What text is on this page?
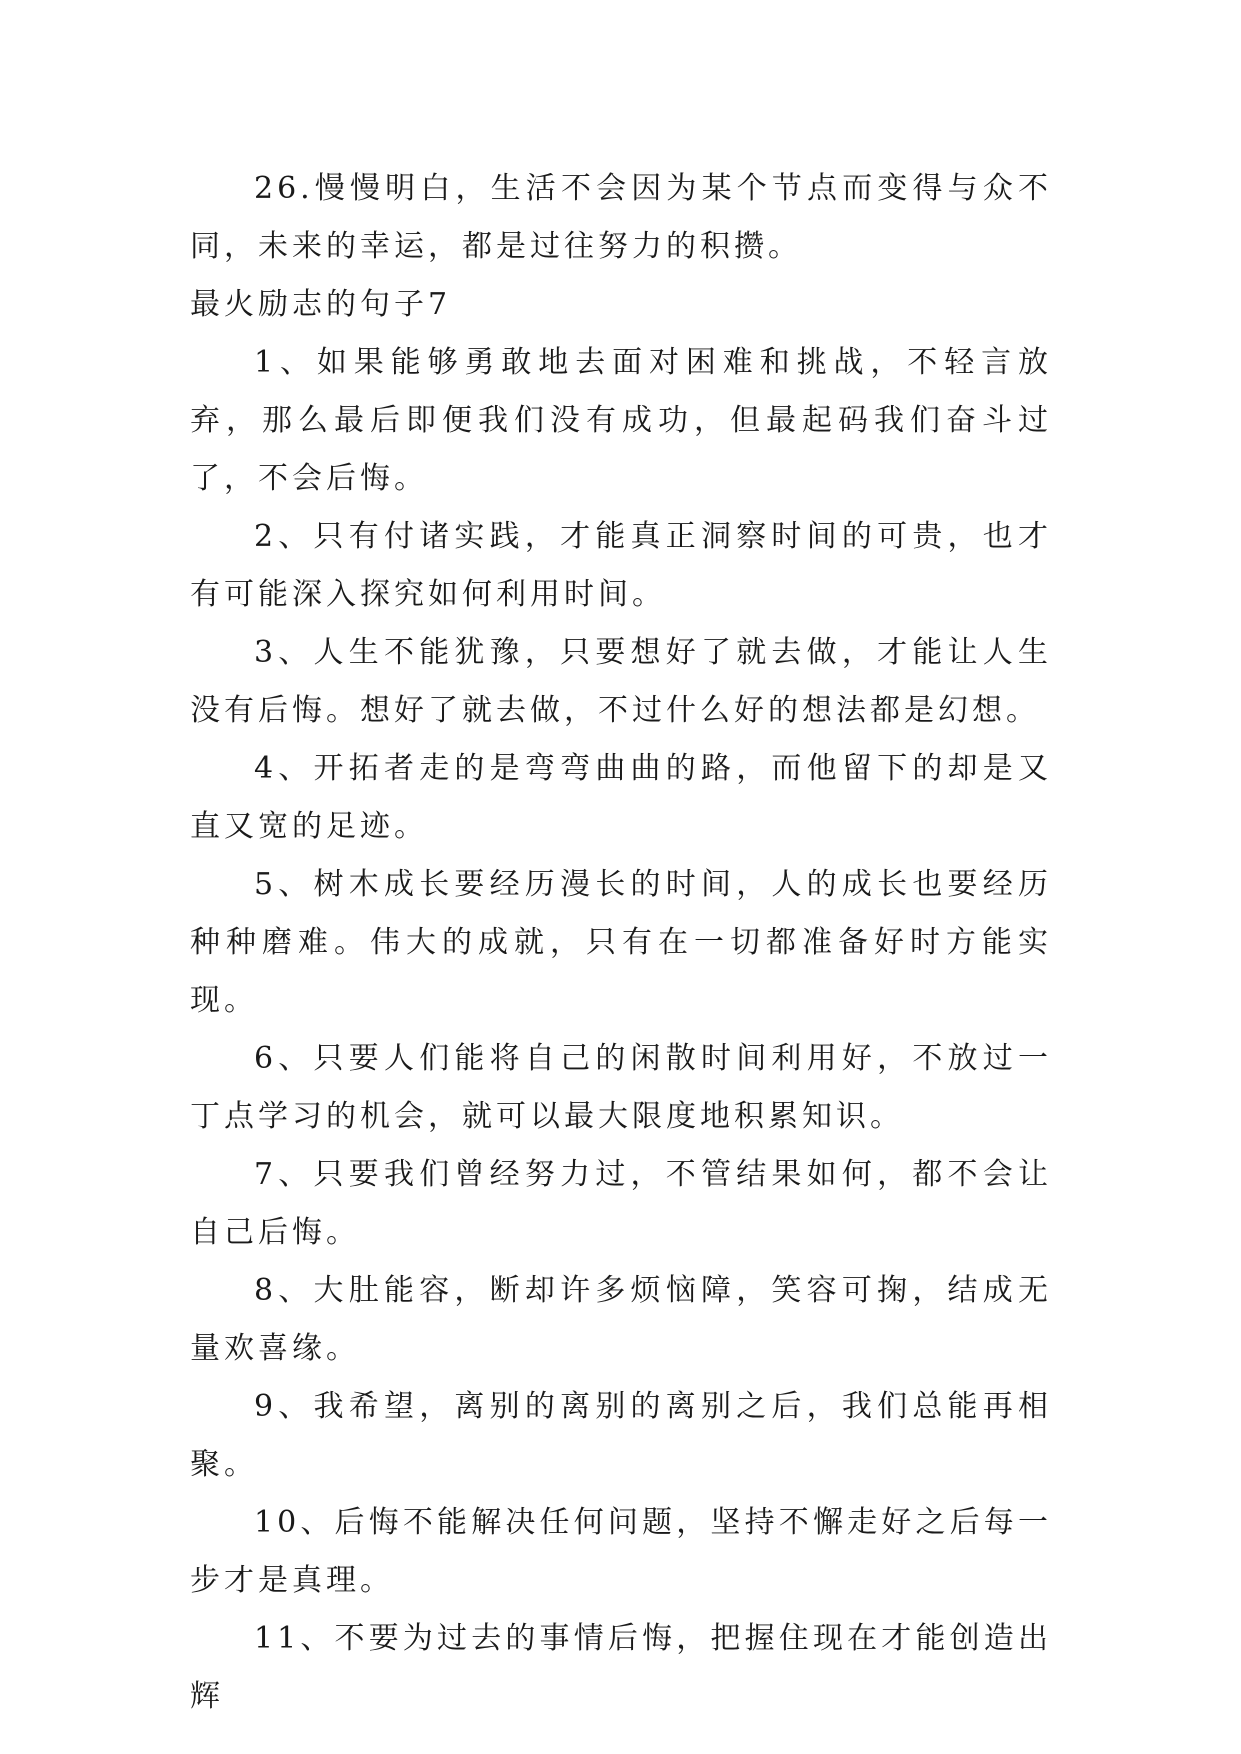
26.慢慢明白，生活不会因为某个节点而变得与众不同，未来的幸运，都是过往努力的积攒。

最火励志的句子7

1、如果能够勇敢地去面对困难和挑战，不轻言放弃，那么最后即便我们没有成功，但最起码我们奋斗过了，不会后悔。

2、只有付诸实践，才能真正洞察时间的可贵，也才有可能深入探究如何利用时间。

3、人生不能犹豫，只要想好了就去做，才能让人生没有后悔。想好了就去做，不过什么好的想法都是幻想。

4、开拓者走的是弯弯曲曲的路，而他留下的却是又直又宽的足迹。

5、树木成长要经历漫长的时间，人的成长也要经历种种磨难。伟大的成就，只有在一切都准备好时方能实现。

6、只要人们能将自己的闲散时间利用好，不放过一丁点学习的机会，就可以最大限度地积累知识。

7、只要我们曾经努力过，不管结果如何，都不会让自己后悔。

8、大肚能容，断却许多烦恼障，笑容可掬，结成无量欢喜缘。

9、我希望，离别的离别的离别之后，我们总能再相聚。

10、后悔不能解决任何问题，坚持不懈走好之后每一步才是真理。

11、不要为过去的事情后悔，把握住现在才能创造出辉
